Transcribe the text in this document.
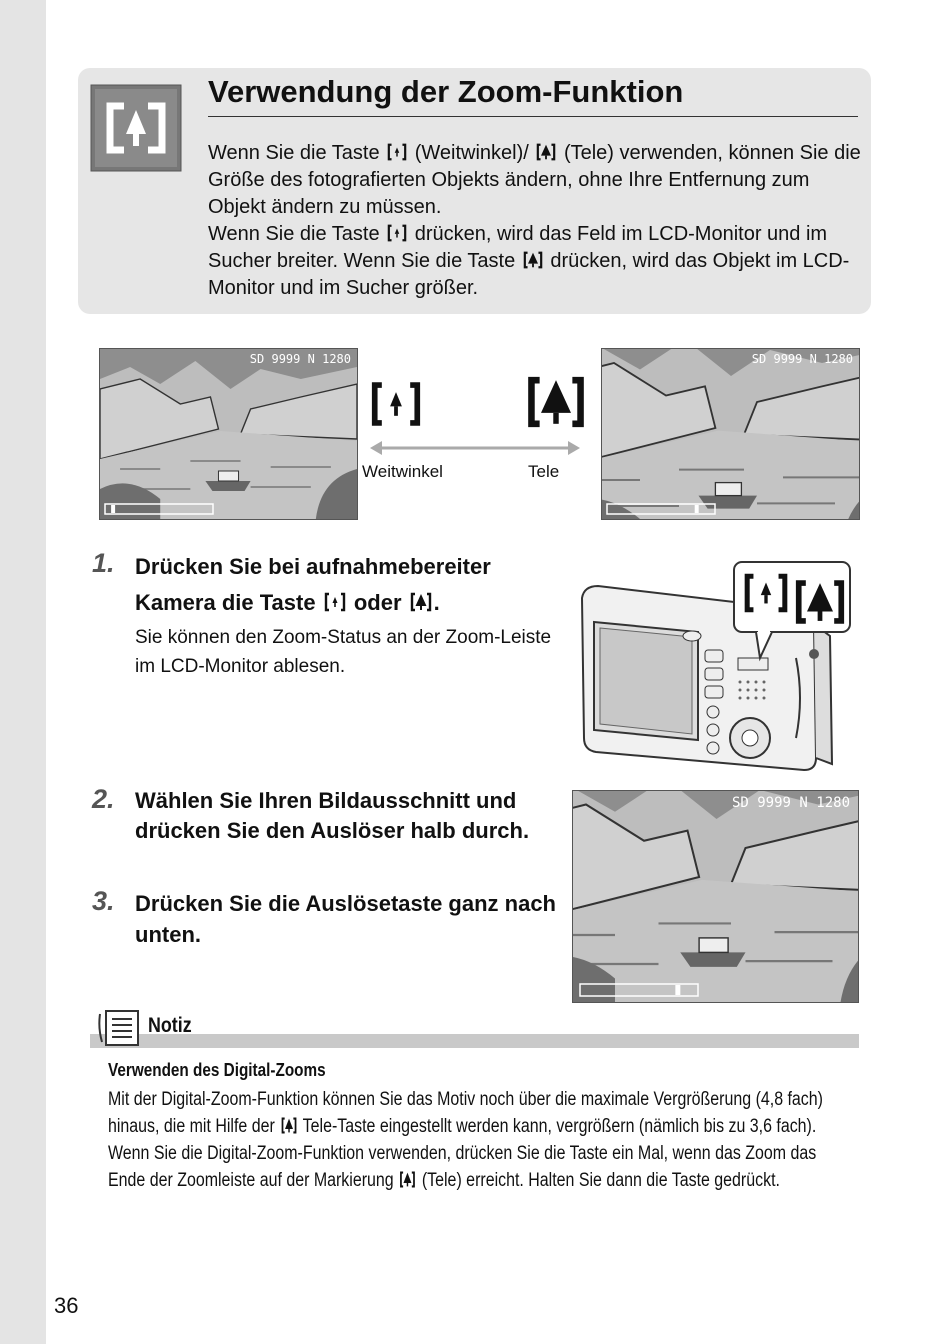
Verwendung der Zoom-Funktion

Wenn Sie die Taste (Weitwinkel)/ (Tele) verwenden, können Sie die Größe des fotografierten Objekts ändern, ohne Ihre Entfernung zum Objekt ändern zu müssen.

Wenn Sie die Taste drücken, wird das Feld im LCD-Monitor und im Sucher breiter. Wenn Sie die Taste drücken, wird das Objekt im LCD-Monitor und im Sucher größer.

SD 9999 N 1280	SD 9999 N 1280
Weitwinkel	Tele
1. Drücken Sie bei aufnahmebereiter
Kamera die Taste oder .
Sie können den Zoom-Status an der Zoom-Leiste im LCD-Monitor ablesen.
2. Wählen Sie Ihren Bildausschnitt und drücken Sie den Auslöser halb durch.
3. Drücken Sie die Auslösetaste ganz nach unten.
SD 9999 N 1280
Notiz
Verwenden des Digital-Zooms

Mit der Digital-Zoom-Funktion können Sie das Motiv noch über die maximale Vergrößerung (4,8 fach) hinaus, die mit Hilfe der Tele-Taste eingestellt werden kann, vergrößern (nämlich bis zu 3,6 fach).

Wenn Sie die Digital-Zoom-Funktion verwenden, drücken Sie die Taste ein Mal, wenn das Zoom das Ende der Zoomleiste auf der Markierung (Tele) erreicht. Halten Sie dann die Taste gedrückt.

36
